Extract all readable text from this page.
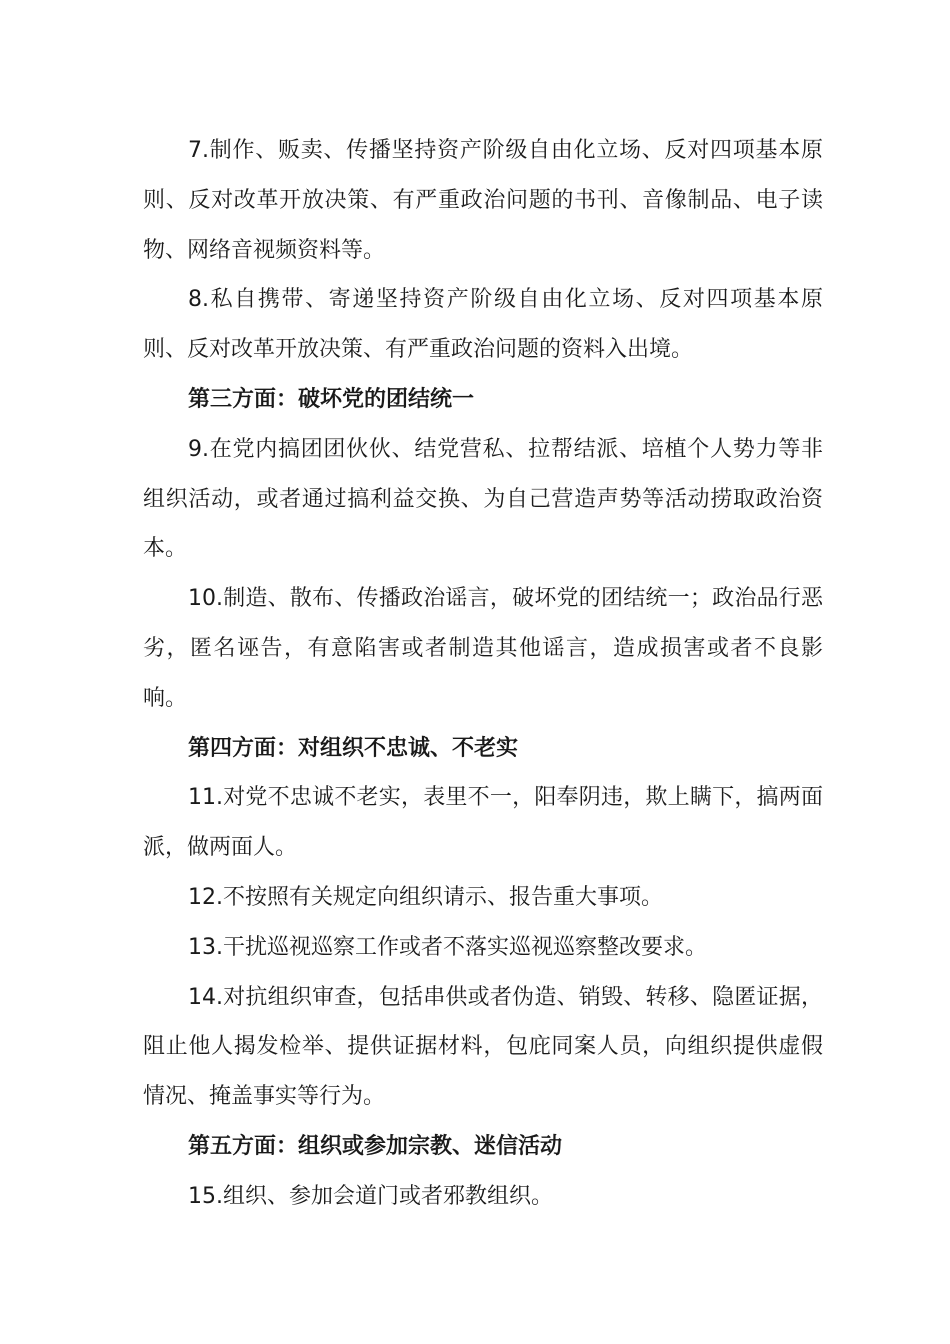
7.制作、贩卖、传播坚持资产阶级自由化立场、反对四项基本原则、反对改革开放决策、有严重政治问题的书刊、音像制品、电子读物、网络音视频资料等。

8.私自携带、寄递坚持资产阶级自由化立场、反对四项基本原则、反对改革开放决策、有严重政治问题的资料入出境。

第三方面：破坏党的团结统一

9.在党内搞团团伙伙、结党营私、拉帮结派、培植个人势力等非组织活动，或者通过搞利益交换、为自己营造声势等活动捞取政治资本。

10.制造、散布、传播政治谣言，破坏党的团结统一；政治品行恶劣，匿名诬告，有意陷害或者制造其他谣言，造成损害或者不良影响。

第四方面：对组织不忠诚、不老实

11.对党不忠诚不老实，表里不一，阳奉阴违，欺上瞒下，搞两面派，做两面人。

12.不按照有关规定向组织请示、报告重大事项。

13.干扰巡视巡察工作或者不落实巡视巡察整改要求。

14.对抗组织审查，包括串供或者伪造、销毁、转移、隐匿证据，阻止他人揭发检举、提供证据材料，包庇同案人员，向组织提供虚假情况、掩盖事实等行为。

第五方面：组织或参加宗教、迷信活动

15.组织、参加会道门或者邪教组织。
